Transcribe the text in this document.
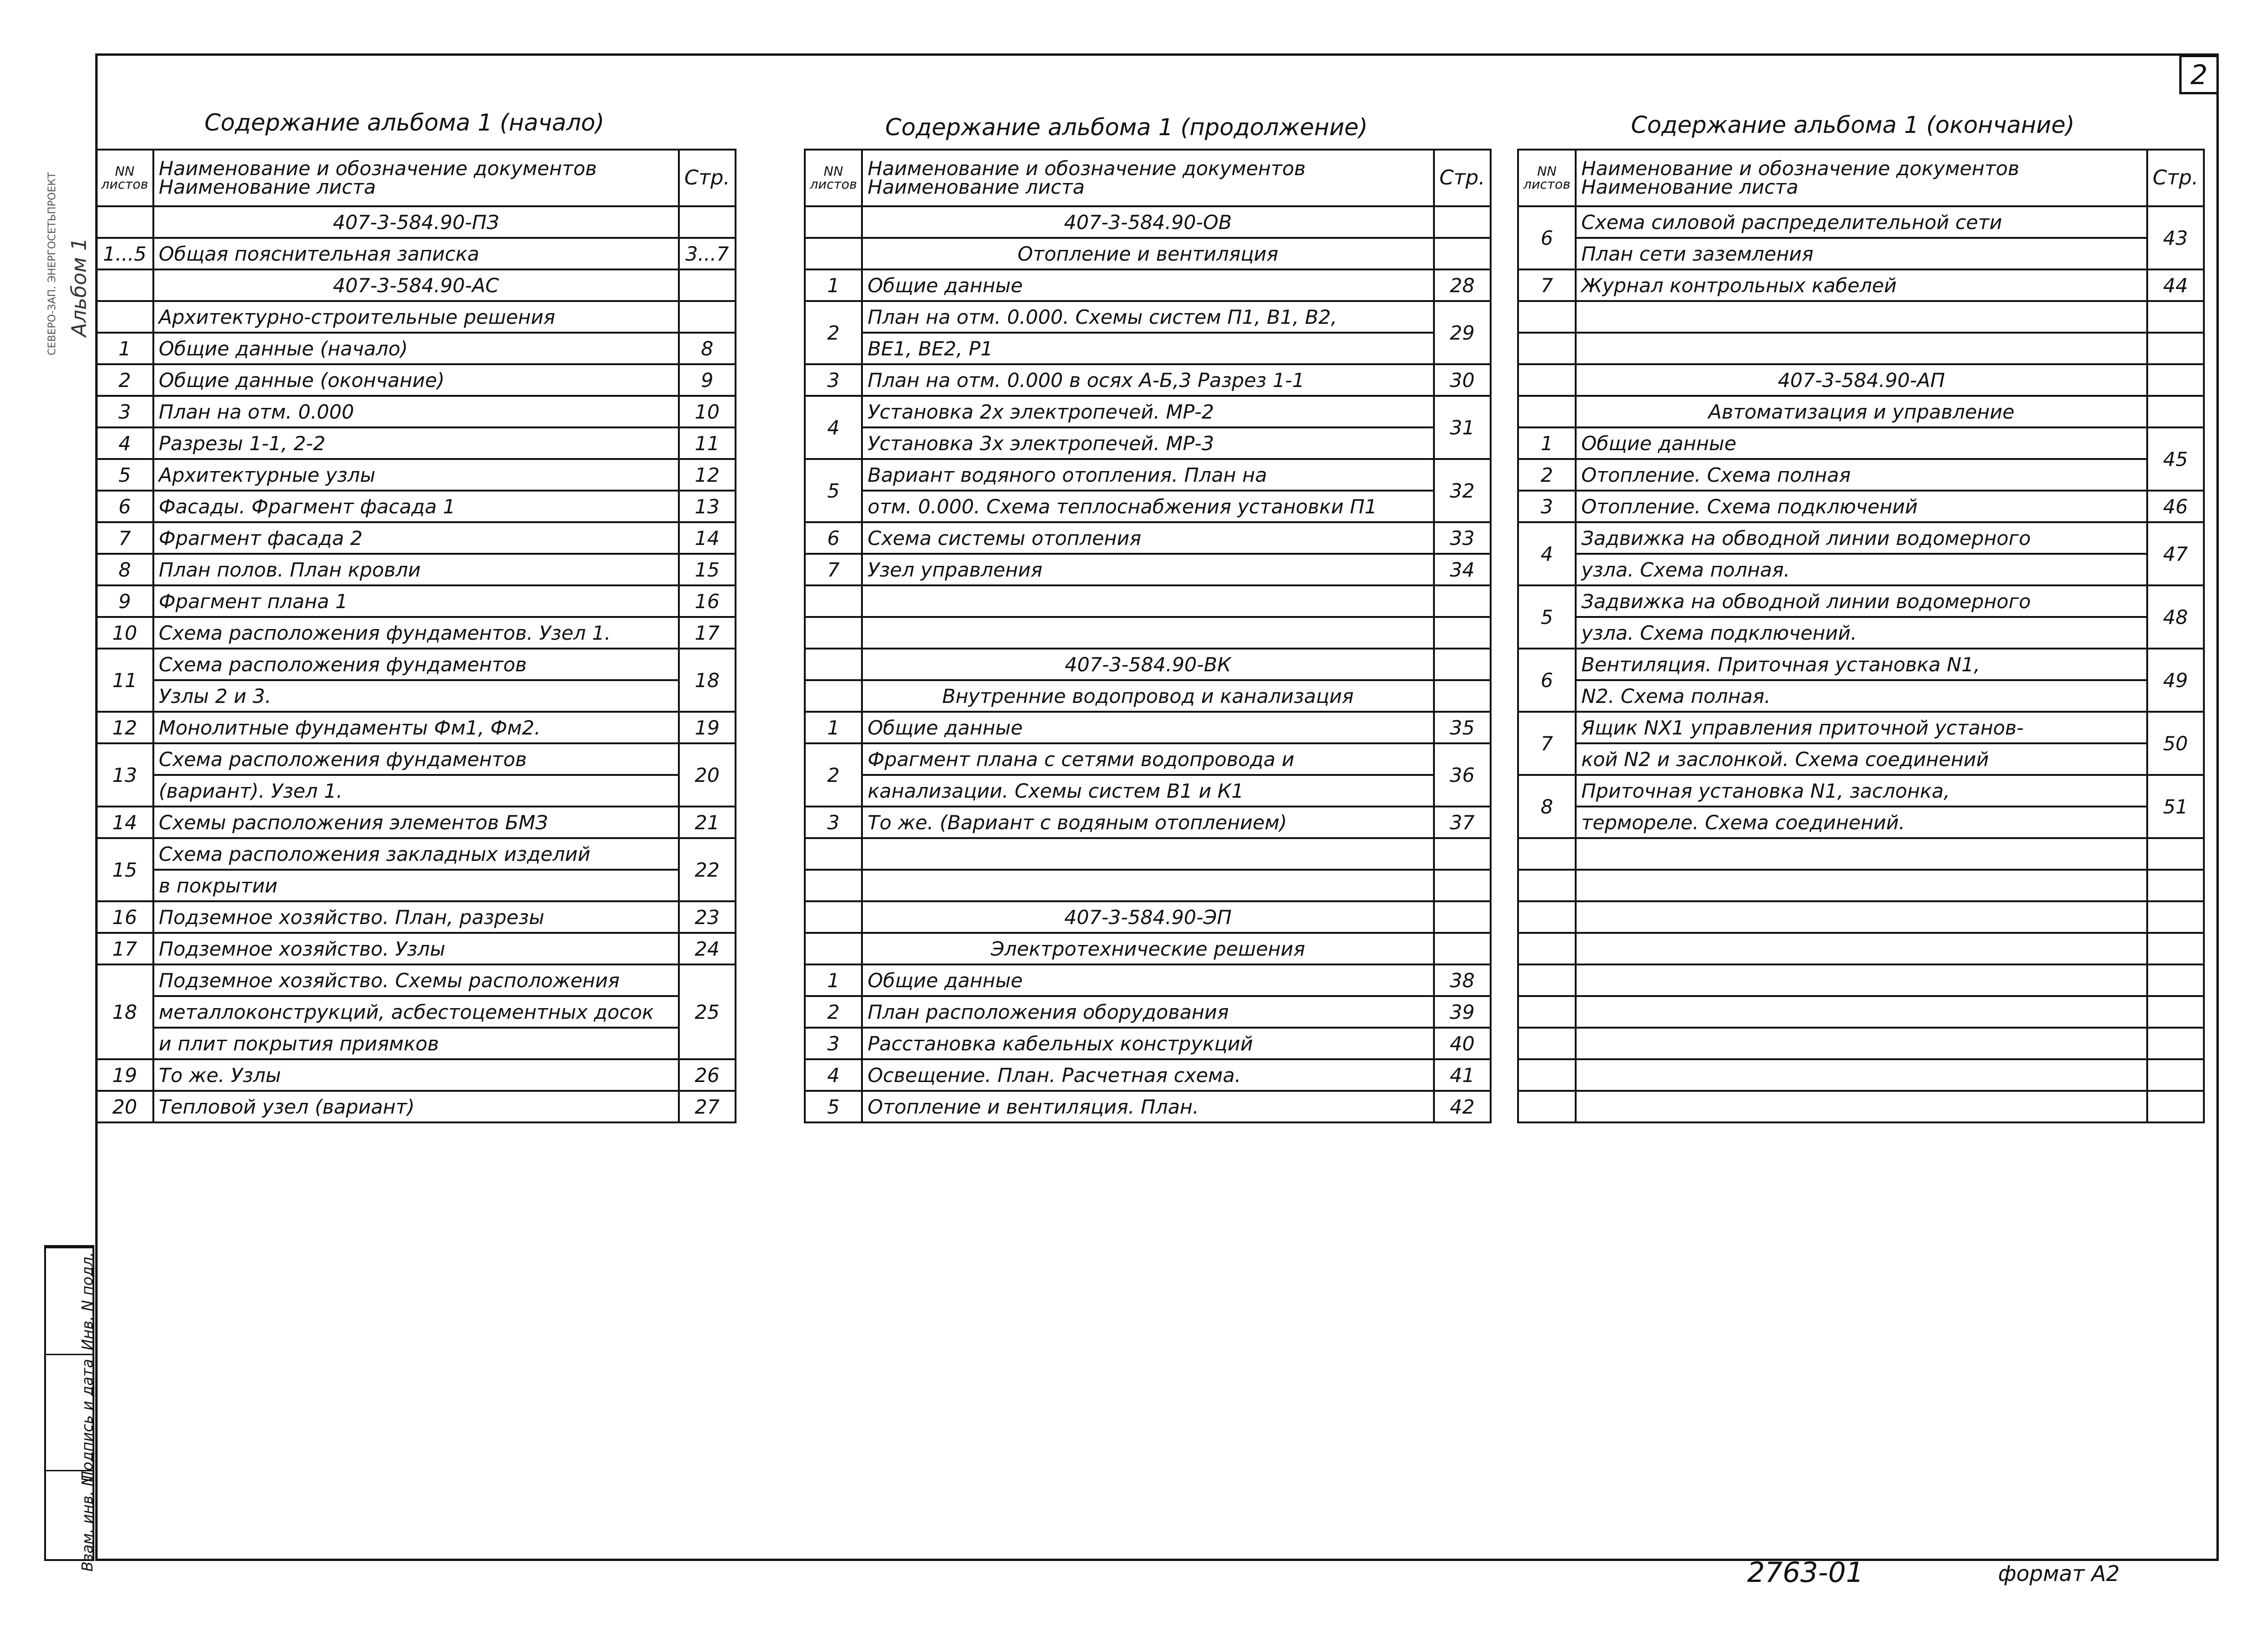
2
СЕВЕРО-ЗАП. ЭНЕРГОСЕТЬПРОЕКТ Альбом 1
Инв. N подл.
Подпись и дата
Взам. инв. N
Содержание альбома 1 (начало)	Содержание альбома 1 (продолжение)	Содержание альбома 1 (окончание)
NN листов	Наименование и обозначение документов Наименование листа	Стр.
	407-3-584.90-ПЗ	
1...5	Общая пояснительная записка	3...7
	407-3-584.90-АС	
	Архитектурно-строительные решения	
1	Общие данные (начало)	8
2	Общие данные (окончание)	9
3	План на отм. 0.000	10
4	Разрезы 1-1, 2-2	11
5	Архитектурные узлы	12
6	Фасады. Фрагмент фасада 1	13
7	Фрагмент фасада 2	14
8	План полов. План кровли	15
9	Фрагмент плана 1	16
10	Схема расположения фундаментов. Узел 1.	17
11	Схема расположения фундаментов	18
	Узлы 2 и 3.	
12	Монолитные фундаменты Фм1, Фм2.	19
13	Схема расположения фундаментов	20
	(вариант). Узел 1.	
14	Схемы расположения элементов БМЗ	21
15	Схема расположения закладных изделий	22
	в покрытии	
16	Подземное хозяйство. План, разрезы	23
17	Подземное хозяйство. Узлы	24
18	Подземное хозяйство. Схемы расположения	25
	металлоконструкций, асбестоцементных досок	
	и плит покрытия приямков	
19	То же. Узлы	26
20	Тепловой узел (вариант)	27
NN листов	Наименование и обозначение документов Наименование листа	Стр.
	407-3-584.90-ОВ	
	Отопление и вентиляция	
1	Общие данные	28
2	План на отм. 0.000. Схемы систем П1, В1, В2,	29
	ВЕ1, ВЕ2, Р1	
3	План на отм. 0.000 в осях А-Б,3 Разрез 1-1	30
4	Установка 2x электропечей. МР-2	31
	Установка 3x электропечей. МР-3	
5	Вариант водяного отопления. План на	32
	отм. 0.000. Схема теплоснабжения установки П1	
6	Схема системы отопления	33
7	Узел управления	34

	407-3-584.90-ВК	
	Внутренние водопровод и канализация	
1	Общие данные	35
2	Фрагмент плана с сетями водопровода и	36
	канализации. Схемы систем В1 и К1	
3	То же. (Вариант с водяным отоплением)	37

	407-3-584.90-ЭП	
	Электротехнические решения	
1	Общие данные	38
2	План расположения оборудования	39
3	Расстановка кабельных конструкций	40
4	Освещение. План. Расчетная схема.	41
5	Отопление и вентиляция. План.	42
NN листов	Наименование и обозначение документов Наименование листа	Стр.
6	Схема силовой распределительной сети	43
	План сети заземления	
7	Журнал контрольных кабелей	44

	407-3-584.90-АП	
	Автоматизация и управление	
1	Общие данные	45
2	Отопление. Схема полная	
3	Отопление. Схема подключений	46
4	Задвижка на обводной линии водомерного	47
	узла. Схема полная.	
5	Задвижка на обводной линии водомерного	48
	узла. Схема подключений.	
6	Вентиляция. Приточная установка N1,	49
	N2. Схема полная.	
7	Ящик NX1 управления приточной установ-	50
	кой N2 и заслонкой. Схема соединений	
8	Приточная установка N1, заслонка,	51
	термореле. Схема соединений.	

2763-01	формат А2
